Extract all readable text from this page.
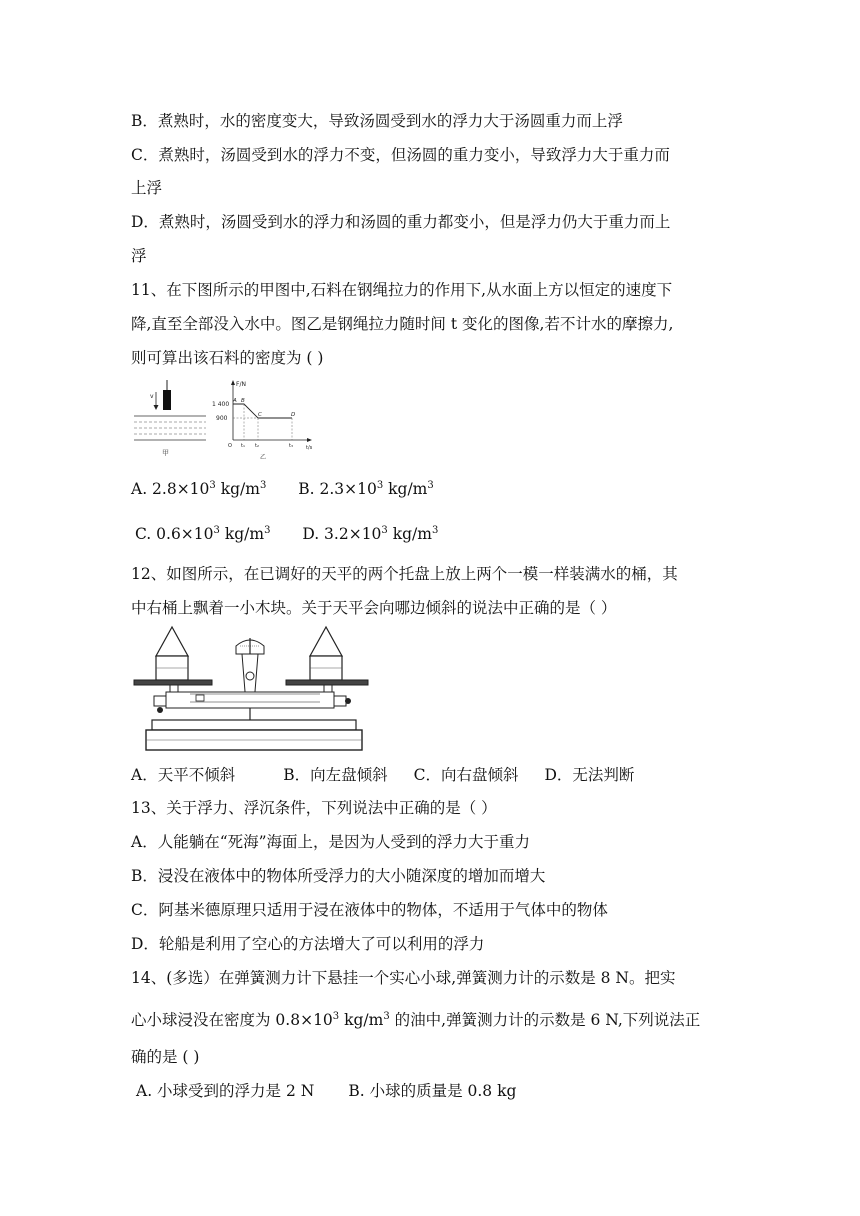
B．煮熟时，水的密度变大，导致汤圆受到水的浮力大于汤圆重力而上浮
C．煮熟时，汤圆受到水的浮力不变，但汤圆的重力变小，导致浮力大于重力而
上浮
D．煮熟时，汤圆受到水的浮力和汤圆的重力都变小，但是浮力仍大于重力而上
浮
11、在下图所示的甲图中,石料在钢绳拉力的作用下,从水面上方以恒定的速度下
降,直至全部没入水中。图乙是钢绳拉力随时间 t 变化的图像,若不计水的摩擦力,
则可算出该石料的密度为 ( )
v
甲
F/N
t/s
1 400
900
A B
C	D
O t₁ t₂	t₃
乙
A. $2.8\times 10^3$ $kg/m^3$ B. $2.3\times 10^3$ $kg/m^3$
C. $0.6\times 10^3$ $kg/m^3$ D. $3.2\times 10^3$ $kg/m^3$
12、如图所示，在已调好的天平的两个托盘上放上两个一模一样装满水的桶，其
中右桶上飘着一小木块。关于天平会向哪边倾斜的说法中正确的是（ ）
A．天平不倾斜	B．向左盘倾斜 C．向右盘倾斜 D．无法判断
13、关于浮力、浮沉条件，下列说法中正确的是（ ）
A．人能躺在“死海”海面上，是因为人受到的浮力大于重力
B．浸没在液体中的物体所受浮力的大小随深度的增加而增大
C．阿基米德原理只适用于浸在液体中的物体，不适用于气体中的物体
D．轮船是利用了空心的方法增大了可以利用的浮力
14、(多选）在弹簧测力计下悬挂一个实心小球,弹簧测力计的示数是 8 N。把实
心小球浸没在密度为 $0.8\times 10^3$ $kg/m^3$ 的油中,弹簧测力计的示数是 6 N,下列说法正
确的是 ( )
A. 小球受到的浮力是 2 N B. 小球的质量是 0.8 kg
